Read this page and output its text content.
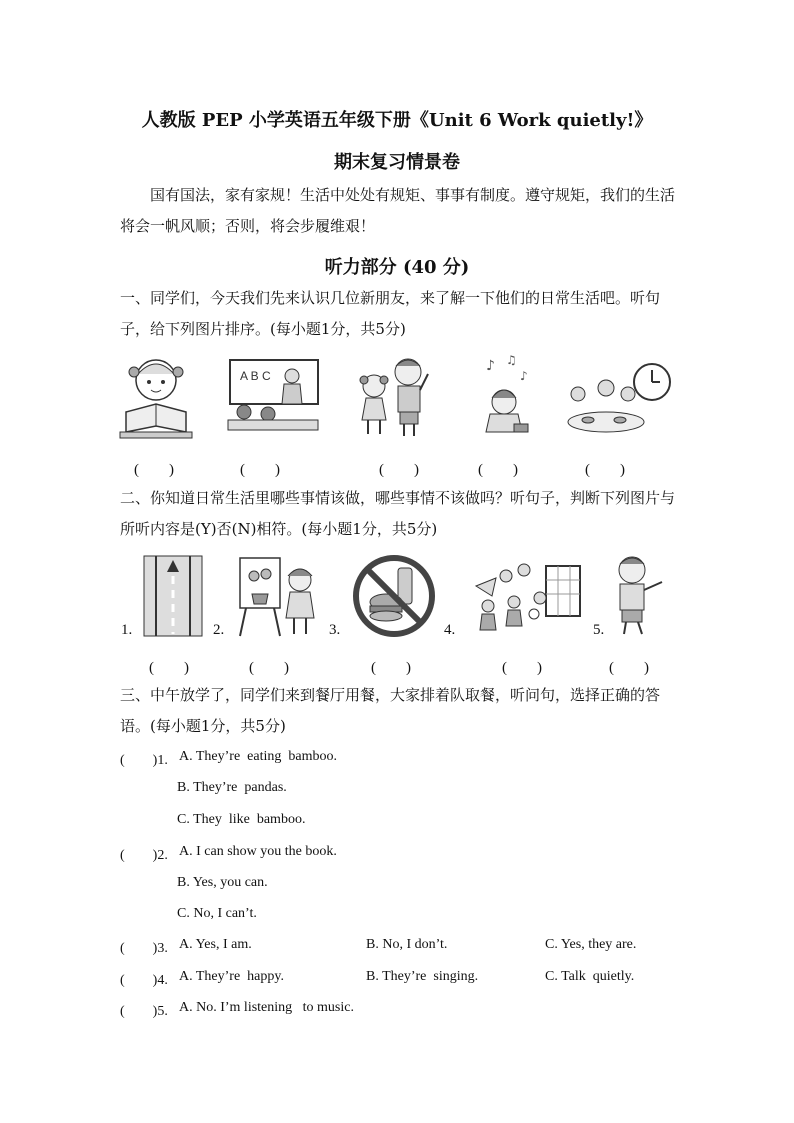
人教版 PEP 小学英语五年级下册《Unit 6 Work quietly!》
期末复习情景卷
国有国法，家有家规！生活中处处有规矩、事事有制度。遵守规矩，我们的生活将会一帆风顺；否则，将会步履维艰！
听力部分 (40 分)
一、同学们，今天我们先来认识几位新朋友，来了解一下他们的日常生活吧。听句子，给下列图片排序。(每小题1分，共5分)
A B C
♪ ♫
♪
(　　)	(　　)	(　　)	(　　)	(　　)
二、你知道日常生活里哪些事情该做，哪些事情不该做吗？听句子，判断下列图片与所听内容是(Y)否(N)相符。(每小题1分，共5分)
1.	2.	3.	4.	5.
(　　)	(　　)	(　　)	(　　)	(　　)
三、中午放学了，同学们来到餐厅用餐，大家排着队取餐，听问句，选择正确的答语。(每小题1分，共5分)
(　　)1. A. They’re  eating  bamboo.
B. They’re  pandas.
C. They  like  bamboo.
(　　)2. A. I can show you the book.
B. Yes, you can.
C. No, I can’t.
(　　)3. A. Yes, I am.	B. No, I don’t.	C. Yes, they are.
(　　)4. A. They’re  happy.	B. They’re  singing.	C. Talk  quietly.
(　　)5. A. No. I’m listening   to music.
